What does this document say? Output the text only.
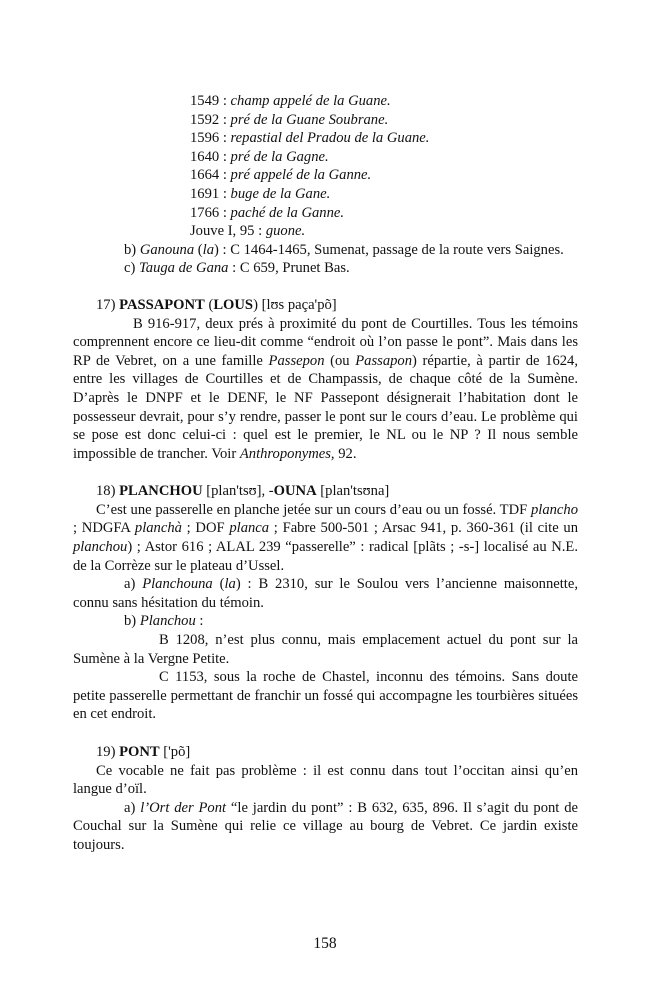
1549 : champ appelé de la Guane.
1592 : pré de la Guane Soubrane.
1596 : repastial del Pradou de la Guane.
1640 : pré de la Gagne.
1664 : pré appelé de la Ganne.
1691 : buge de la Gane.
1766 : paché de la Ganne.
Jouve I, 95 : guone.

b) Ganouna (la) : C 1464-1465, Sumenat, passage de la route vers Saignes.

c) Tauga de Gana : C 659, Prunet Bas.

17) PASSAPONT (LOUS) [lʊs paça'põ]

B 916-917, deux prés à proximité du pont de Courtilles. Tous les témoins comprennent encore ce lieu-dit comme “endroit où l’on passe le pont”. Mais dans les RP de Vebret, on a une famille Passepon (ou Passapon) répartie, à partir de 1624, entre les villages de Courtilles et de Champassis, de chaque côté de la Sumène. D’après le DNPF et le DENF, le NF Passepont désignerait l’habitation dont le possesseur devrait, pour s’y rendre, passer le pont sur le cours d’eau. Le problème qui se pose est donc celui-ci : quel est le premier, le NL ou le NP ? Il nous semble impossible de trancher. Voir Anthroponymes, 92.

18) PLANCHOU [plan'tsʊ], -OUNA [plan'tsʊna]

C’est une passerelle en planche jetée sur un cours d’eau ou un fossé. TDF plancho ; NDGFA planchà ; DOF planca ; Fabre 500-501 ; Arsac 941, p. 360-361 (il cite un planchou) ; Astor 616 ; ALAL 239 “passerelle” : radical [plãts ; -s-] localisé au N.E. de la Corrèze sur le plateau d’Ussel.

a) Planchouna (la) : B 2310, sur le Soulou vers l’ancienne maisonnette, connu sans hésitation du témoin.

b) Planchou :

B 1208, n’est plus connu, mais emplacement actuel du pont sur la Sumène à la Vergne Petite.

C 1153, sous la roche de Chastel, inconnu des témoins. Sans doute petite passerelle permettant de franchir un fossé qui accompagne les tourbières situées en cet endroit.

19) PONT ['põ]

Ce vocable ne fait pas problème : il est connu dans tout l’occitan ainsi qu’en langue d’oïl.

a) l’Ort der Pont “le jardin du pont” : B 632, 635, 896. Il s’agit du pont de Couchal sur la Sumène qui relie ce village au bourg de Vebret. Ce jardin existe toujours.

158
